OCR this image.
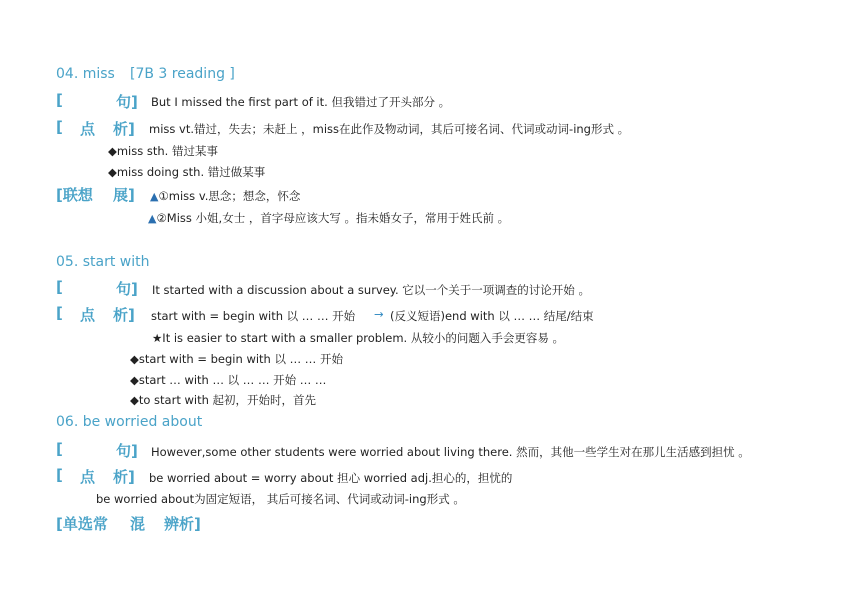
04. miss [7B 3 reading ]
[	句] But I missed the first part of it. 但我错过了开头部分 。
[ 点 析] miss vt.错过，失去；未赶上 ，miss在此作及物动词，其后可接名词、代词或动词-ing形式 。
◆miss sth. 错过某事
◆miss doing sth. 错过做某事
[联想 展] ▲①miss v.思念；想念，怀念
▲②Miss 小姐,女士 ，首字母应该大写 。指未婚女子，常用于姓氏前 。
05. start with
[	句] It started with a discussion about a survey. 它以一个关于一项调查的讨论开始 。
[ 点 析] start with = begin with 以 … … 开始 → (反义短语)end with 以 … … 结尾/结束
★It is easier to start with a smaller problem. 从较小的问题入手会更容易 。
◆start with = begin with 以 … … 开始
◆start … with … 以 … … 开始 … …
◆to start with 起初，开始时，首先
06. be worried about
[	句] However,some other students were worried about living there. 然而，其他一些学生对在那儿生活感到担忧 。
[ 点 析] be worried about = worry about 担心 worried adj.担心的，担忧的
be worried about为固定短语， 其后可接名词、代词或动词-ing形式 。
[单选常 混 辨析]
